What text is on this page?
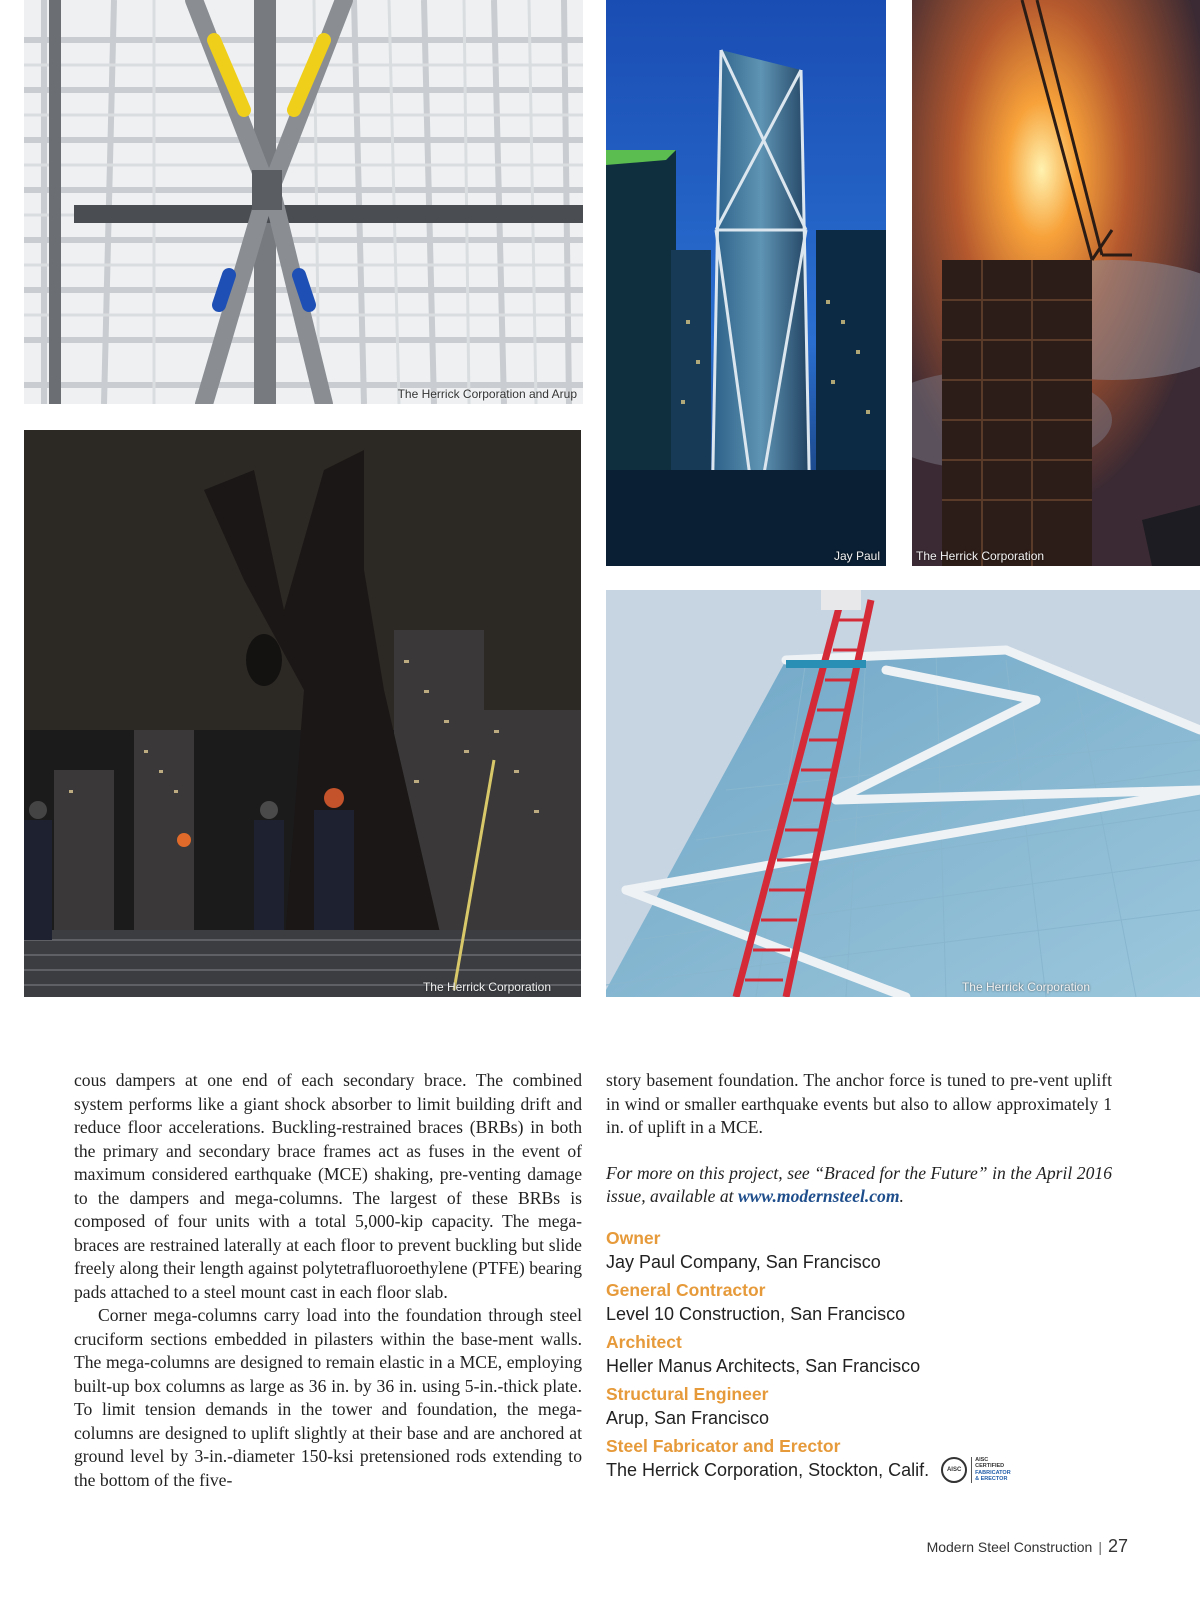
The Herrick Corporation and Arup
Jay Paul	The Herrick Corporation
The Herrick Corporation	The Herrick Corporation

cous dampers at one end of each secondary brace. The combined system performs like a giant shock absorber to limit building drift and reduce floor accelerations. Buckling-restrained braces (BRBs) in both the primary and secondary brace frames act as fuses in the event of maximum considered earthquake (MCE) shaking, pre-venting damage to the dampers and mega-columns. The largest of these BRBs is composed of four units with a total 5,000-kip capacity. The mega-braces are restrained laterally at each floor to prevent buckling but slide freely along their length against polytetrafluoroethylene (PTFE) bearing pads attached to a steel mount cast in each floor slab.

Corner mega-columns carry load into the foundation through steel cruciform sections embedded in pilasters within the base-ment walls. The mega-columns are designed to remain elastic in a MCE, employing built-up box columns as large as 36 in. by 36 in. using 5-in.-thick plate. To limit tension demands in the tower and foundation, the mega-columns are designed to uplift slightly at their base and are anchored at ground level by 3-in.-diameter 150-ksi pretensioned rods extending to the bottom of the five-

story basement foundation. The anchor force is tuned to pre-vent uplift in wind or smaller earthquake events but also to allow approximately 1 in. of uplift in a MCE.

For more on this project, see “Braced for the Future” in the April 2016 issue, available at www.modernsteel.com.

Owner
Jay Paul Company, San Francisco
General Contractor
Level 10 Construction, San Francisco
Architect
Heller Manus Architects, San Francisco
Structural Engineer
Arup, San Francisco
Steel Fabricator and Erector
The Herrick Corporation, Stockton, Calif.	AISC
AISC
CERTIFIED
FABRICATOR
& ERECTOR
Modern Steel Construction | 27
